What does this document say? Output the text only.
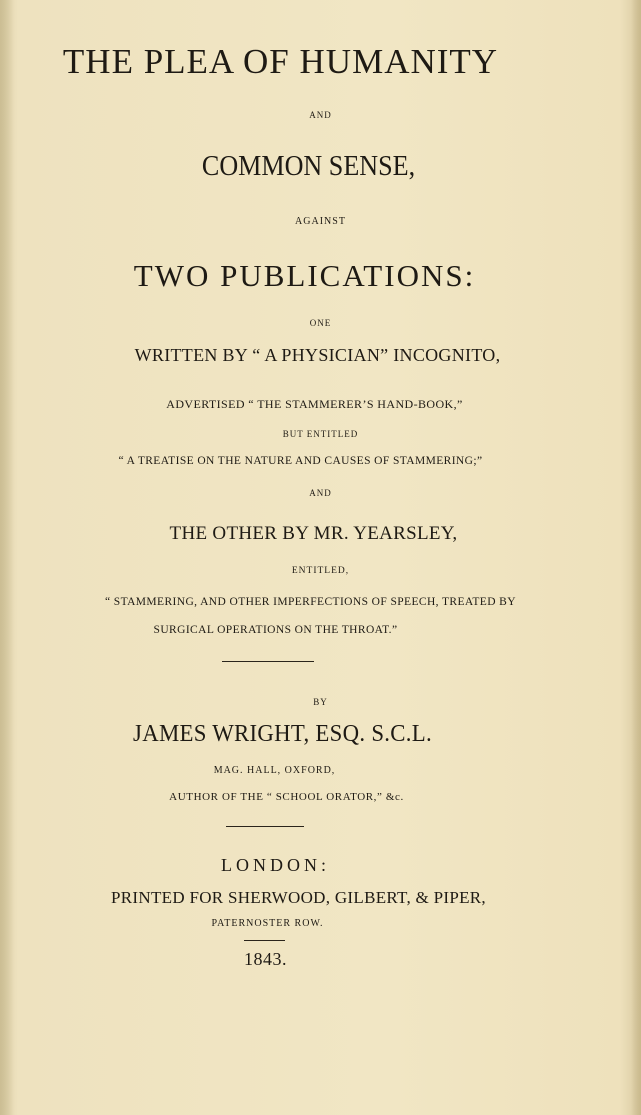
THE PLEA OF HUMANITY
AND
COMMON SENSE,
AGAINST
TWO PUBLICATIONS:
ONE
WRITTEN BY “ A PHYSICIAN” INCOGNITO,
ADVERTISED “ THE STAMMERER’S HAND-BOOK,”
BUT ENTITLED
“ A TREATISE ON THE NATURE AND CAUSES OF STAMMERING;”
AND
THE OTHER BY MR. YEARSLEY,
ENTITLED,
“ STAMMERING, AND OTHER IMPERFECTIONS OF SPEECH, TREATED BY
SURGICAL OPERATIONS ON THE THROAT.”
BY
JAMES WRIGHT, ESQ. S.C.L.
MAG. HALL, OXFORD,
AUTHOR OF THE “ SCHOOL ORATOR,” &c.
LONDON:
PRINTED FOR SHERWOOD, GILBERT, & PIPER,
PATERNOSTER ROW.
1843.
